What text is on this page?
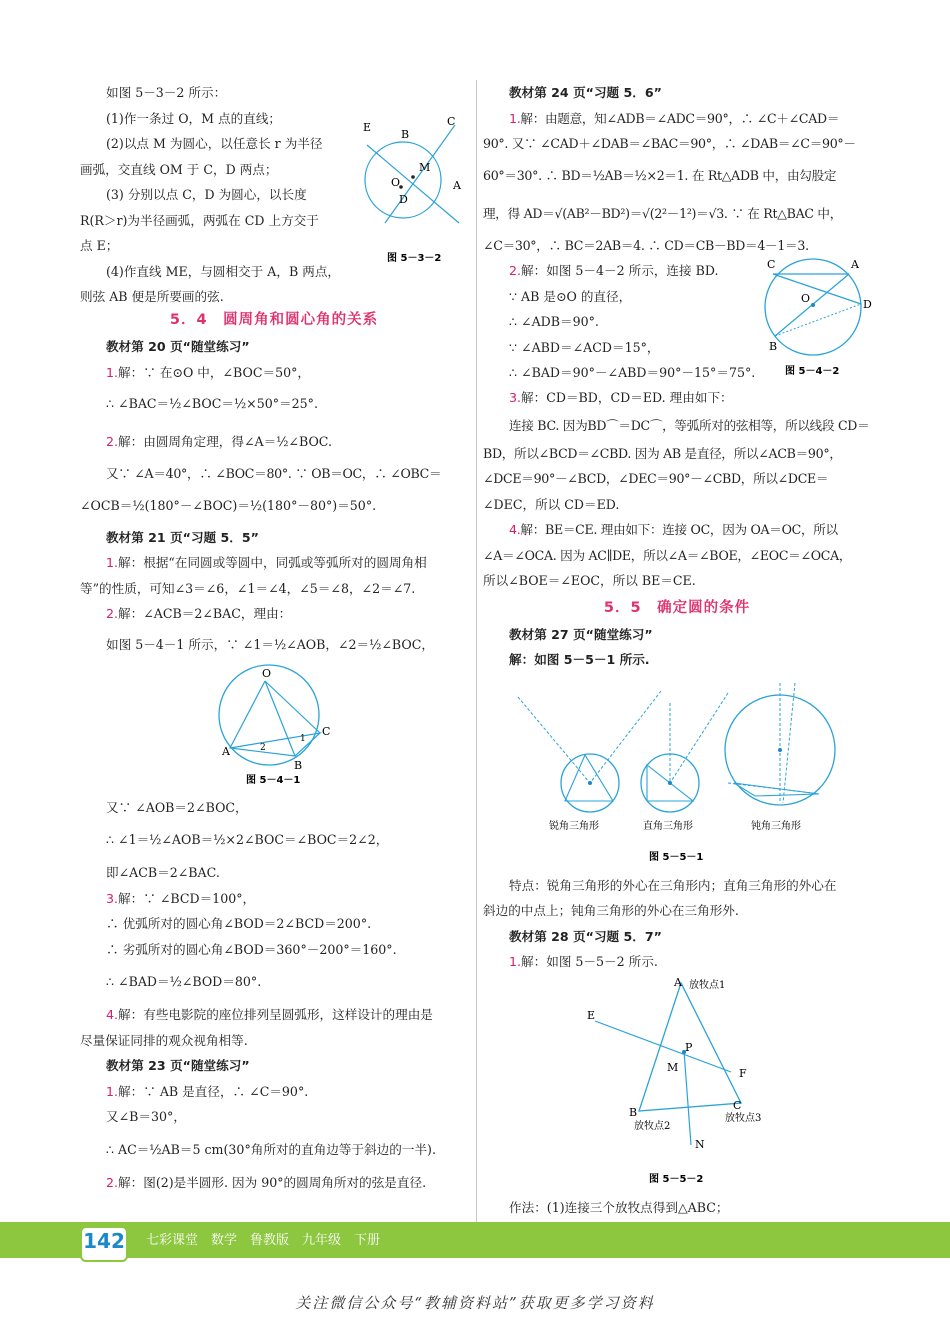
如图 5－3－2 所示：
(1)作一条过 O，M 点的直线；
(2)以点 M 为圆心，以任意长 r 为半径
画弧，交直线 OM 于 C，D 两点；
(3) 分别以点 C，D 为圆心，以长度
R(R＞r)为半径画弧，两弧在 CD 上方交于
点 E；
(4)作直线 ME，与圆相交于 A，B 两点，
则弦 AB 便是所要画的弦.
E
B
C
M
O
D
A
图 5－3－2
5．4　圆周角和圆心角的关系
教材第 20 页“随堂练习”
1.解：∵ 在⊙O 中，∠BOC＝50°，
∴ ∠BAC＝½∠BOC＝½×50°＝25°.
2.解：由圆周角定理，得∠A＝½∠BOC.
又∵ ∠A＝40°，∴ ∠BOC＝80°. ∵ OB＝OC，∴ ∠OBC＝
∠OCB＝½(180°－∠BOC)＝½(180°－80°)＝50°.
教材第 21 页“习题 5．5”
1.解：根据“在同圆或等圆中，同弧或等弧所对的圆周角相
等”的性质，可知∠3＝∠6，∠1＝∠4，∠5＝∠8，∠2＝∠7.
2.解：∠ACB＝2∠BAC，理由：
如图 5－4－1 所示，∵ ∠1＝½∠AOB，∠2＝½∠BOC，
O
A
B
C
1
2
图 5－4－1
又∵ ∠AOB＝2∠BOC，
∴ ∠1＝½∠AOB＝½×2∠BOC＝∠BOC＝2∠2，
即∠ACB＝2∠BAC.
3.解：∵ ∠BCD＝100°，
∴ 优弧所对的圆心角∠BOD＝2∠BCD＝200°.
∴ 劣弧所对的圆心角∠BOD＝360°－200°＝160°.
∴ ∠BAD＝½∠BOD＝80°.
4.解：有些电影院的座位排列呈圆弧形，这样设计的理由是
尽量保证同排的观众视角相等.
教材第 23 页“随堂练习”
1.解：∵ AB 是直径，∴ ∠C＝90°.
又∠B＝30°，
∴ AC＝½AB＝5 cm(30°角所对的直角边等于斜边的一半).
2.解：图(2)是半圆形. 因为 90°的圆周角所对的弦是直径.
教材第 24 页“习题 5．6”
1.解：由题意，知∠ADB＝∠ADC＝90°，∴ ∠C＋∠CAD＝
90°. 又∵ ∠CAD＋∠DAB＝∠BAC＝90°，∴ ∠DAB＝∠C＝90°－
60°＝30°. ∴ BD＝½AB＝½×2＝1. 在 Rt△ADB 中，由勾股定
理，得 AD＝√(AB²－BD²)＝√(2²－1²)＝√3. ∵ 在 Rt△BAC 中，
∠C＝30°，∴ BC＝2AB＝4. ∴ CD＝CB－BD＝4－1＝3.
2.解：如图 5－4－2 所示，连接 BD.
∵ AB 是⊙O 的直径，
∴ ∠ADB＝90°.
∵ ∠ABD＝∠ACD＝15°，
∴ ∠BAD＝90°－∠ABD＝90°－15°＝75°.
C	A
D
O
B
图 5－4－2
3.解：CD＝BD，CD＝ED. 理由如下：
连接 BC. 因为BD⌒＝DC⌒，等弧所对的弦相等，所以线段 CD＝
BD，所以∠BCD＝∠CBD. 因为 AB 是直径，所以∠ACB＝90°，
∠DCE＝90°－∠BCD，∠DEC＝90°－∠CBD，所以∠DCE＝
∠DEC，所以 CD＝ED.
4.解：BE＝CE. 理由如下：连接 OC，因为 OA＝OC，所以
∠A＝∠OCA. 因为 AC∥DE，所以∠A＝∠BOE，∠EOC＝∠OCA，
所以∠BOE＝∠EOC，所以 BE＝CE.
5．5　确定圆的条件
教材第 27 页“随堂练习”
解：如图 5－5－1 所示.
锐角三角形	直角三角形	钝角三角形
图 5－5－1
特点：锐角三角形的外心在三角形内；直角三角形的外心在
斜边的中点上；钝角三角形的外心在三角形外.
教材第 28 页“习题 5．7”
1.解：如图 5－5－2 所示.
A 放牧点1
E
P
M	F
B
C
放牧点2
放牧点3
N
图 5－5－2
作法：(1)连接三个放牧点得到△ABC；
142 七彩课堂　数学　鲁教版　九年级　下册
关注微信公众号“教辅资料站”获取更多学习资料
